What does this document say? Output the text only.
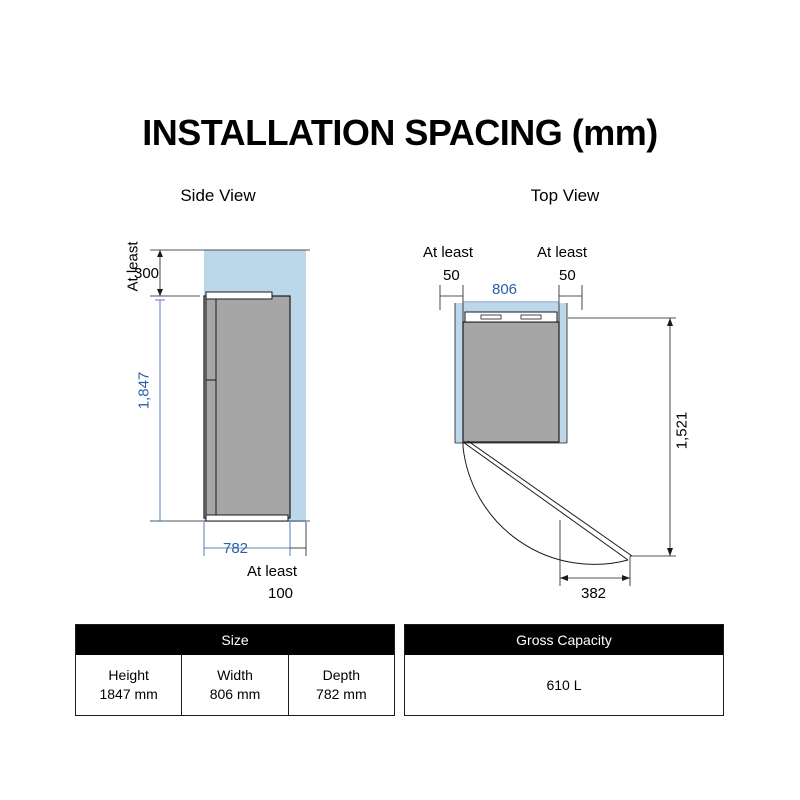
INSTALLATION SPACING (mm)
Side View	Top View
At least
300
1,847
782
At least
100
At least
50
At least
50
806
1,521
382
Size
Height
1847 mm
Width
806 mm
Depth
782 mm
Gross Capacity
610 L
